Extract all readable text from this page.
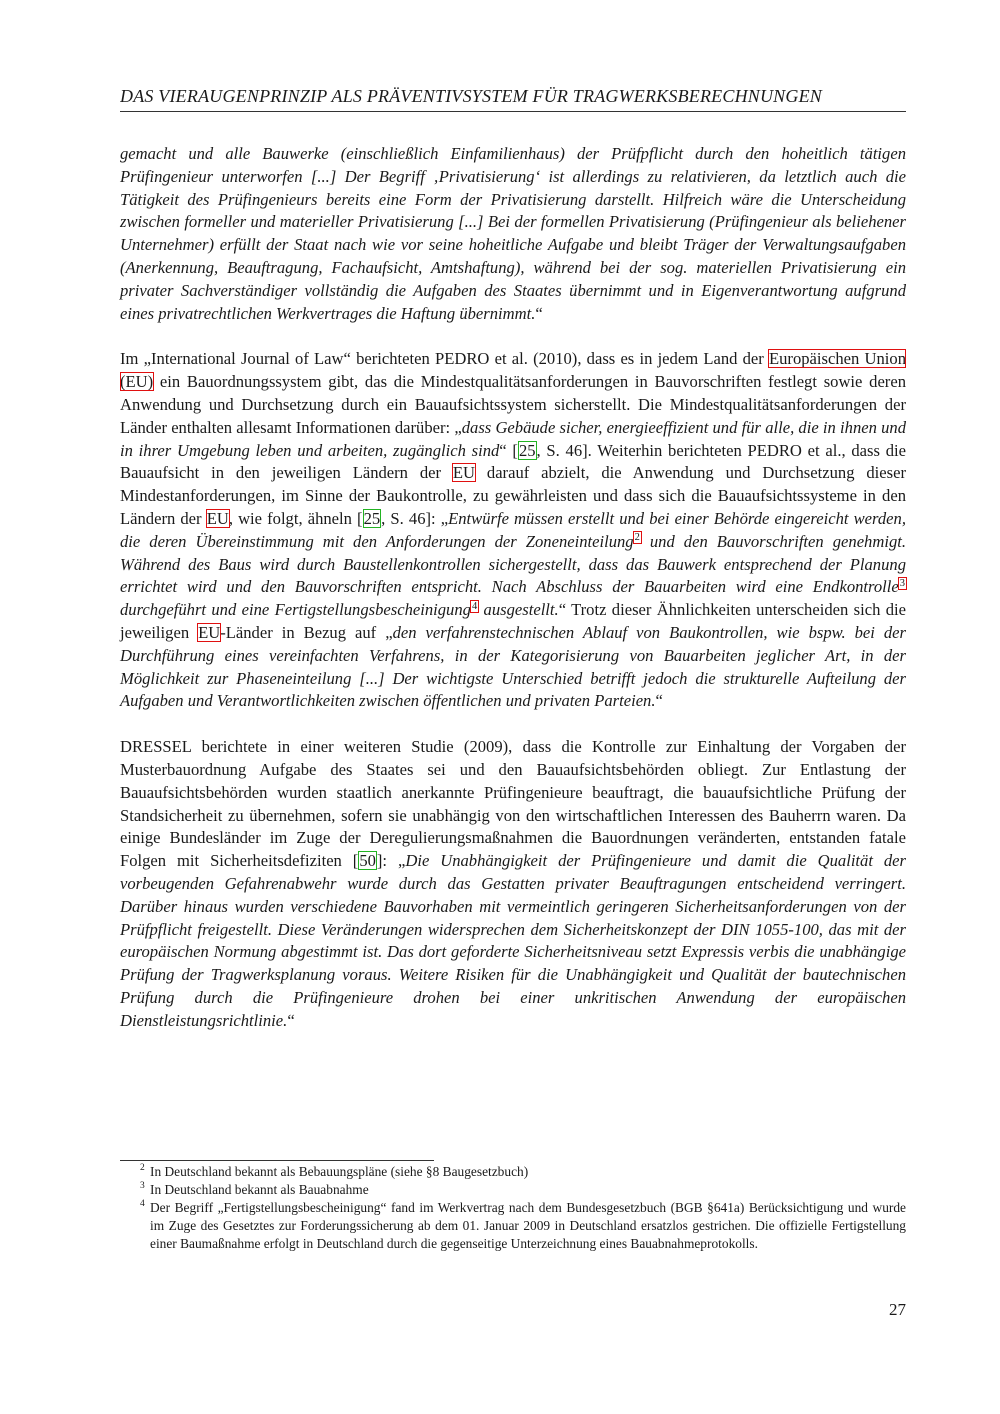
DAS VIERAUGENPRINZIP ALS PRÄVENTIVSYSTEM FÜR TRAGWERKSBERECHNUNGEN

gemacht und alle Bauwerke (einschließlich Einfamilienhaus) der Prüfpflicht durch den hoheitlich tätigen Prüfingenieur unterworfen [...] Der Begriff ‚Privatisierung‘ ist allerdings zu relativieren, da letztlich auch die Tätigkeit des Prüfingenieurs bereits eine Form der Privatisierung darstellt. Hilfreich wäre die Unterscheidung zwischen formeller und materieller Privatisierung [...] Bei der formellen Privatisierung (Prüfingenieur als beliehener Unternehmer) erfüllt der Staat nach wie vor seine hoheitliche Aufgabe und bleibt Träger der Verwaltungsaufgaben (Anerkennung, Beauftragung, Fachaufsicht, Amtshaftung), während bei der sog. materiellen Privatisierung ein privater Sachverständiger vollständig die Aufgaben des Staates übernimmt und in Eigenverantwortung aufgrund eines privatrechtlichen Werkvertrages die Haftung übernimmt.“

Im „International Journal of Law“ berichteten PEDRO et al. (2010), dass es in jedem Land der Europäischen Union (EU) ein Bauordnungssystem gibt, das die Mindestqualitätsanforderungen in Bauvorschriften festlegt sowie deren Anwendung und Durchsetzung durch ein Bauaufsichtssystem sicherstellt. Die Mindestqualitätsanforderungen der Länder enthalten allesamt Informationen darüber: „dass Gebäude sicher, energieeffizient und für alle, die in ihnen und in ihrer Umgebung leben und arbeiten, zugänglich sind“ [25, S. 46]. Weiterhin berichteten PEDRO et al., dass die Bauaufsicht in den jeweiligen Ländern der EU darauf abzielt, die Anwendung und Durchsetzung dieser Mindestanforderungen, im Sinne der Baukontrolle, zu gewährleisten und dass sich die Bauaufsichtssysteme in den Ländern der EU, wie folgt, ähneln [25, S. 46]: „Entwürfe müssen erstellt und bei einer Behörde eingereicht werden, die deren Übereinstimmung mit den Anforderungen der Zoneneinteilung$^2$ und den Bauvorschriften genehmigt. Während des Baus wird durch Baustellenkontrollen sichergestellt, dass das Bauwerk entsprechend der Planung errichtet wird und den Bauvorschriften entspricht. Nach Abschluss der Bauarbeiten wird eine Endkontrolle$^3$ durchgeführt und eine Fertigstellungsbescheinigung$^4$ ausgestellt.“ Trotz dieser Ähnlichkeiten unterscheiden sich die jeweiligen EU-Länder in Bezug auf „den verfahrenstechnischen Ablauf von Baukontrollen, wie bspw. bei der Durchführung eines vereinfachten Verfahrens, in der Kategorisierung von Bauarbeiten jeglicher Art, in der Möglichkeit zur Phaseneinteilung [...] Der wichtigste Unterschied betrifft jedoch die strukturelle Aufteilung der Aufgaben und Verantwortlichkeiten zwischen öffentlichen und privaten Parteien.“

DRESSEL berichtete in einer weiteren Studie (2009), dass die Kontrolle zur Einhaltung der Vorgaben der Musterbauordnung Aufgabe des Staates sei und den Bauaufsichtsbehörden obliegt. Zur Entlastung der Bauaufsichtsbehörden wurden staatlich anerkannte Prüfingenieure beauftragt, die bauaufsichtliche Prüfung der Standsicherheit zu übernehmen, sofern sie unabhängig von den wirtschaftlichen Interessen des Bauherrn waren. Da einige Bundesländer im Zuge der Deregulierungsmaßnahmen die Bauordnungen veränderten, entstanden fatale Folgen mit Sicherheitsdefiziten [50]: „Die Unabhängigkeit der Prüfingenieure und damit die Qualität der vorbeugenden Gefahrenabwehr wurde durch das Gestatten privater Beauftragungen entscheidend verringert. Darüber hinaus wurden verschiedene Bauvorhaben mit vermeintlich geringeren Sicherheitsanforderungen von der Prüfpflicht freigestellt. Diese Veränderungen widersprechen dem Sicherheitskonzept der DIN 1055-100, das mit der europäischen Normung abgestimmt ist. Das dort geforderte Sicherheitsniveau setzt Expressis verbis die unabhängige Prüfung der Tragwerksplanung voraus. Weitere Risiken für die Unabhängigkeit und Qualität der bautechnischen Prüfung durch die Prüfingenieure drohen bei einer unkritischen Anwendung der europäischen Dienstleistungsrichtlinie.“

2 In Deutschland bekannt als Bebauungspläne (siehe §8 Baugesetzbuch)
3 In Deutschland bekannt als Bauabnahme
4 Der Begriff „Fertigstellungsbescheinigung“ fand im Werkvertrag nach dem Bundesgesetzbuch (BGB §641a) Berücksichtigung und wurde im Zuge des Gesetztes zur Forderungssicherung ab dem 01. Januar 2009 in Deutschland ersatzlos gestrichen. Die offizielle Fertigstellung einer Baumaßnahme erfolgt in Deutschland durch die gegenseitige Unterzeichnung eines Bauabnahmeprotokolls.
27
